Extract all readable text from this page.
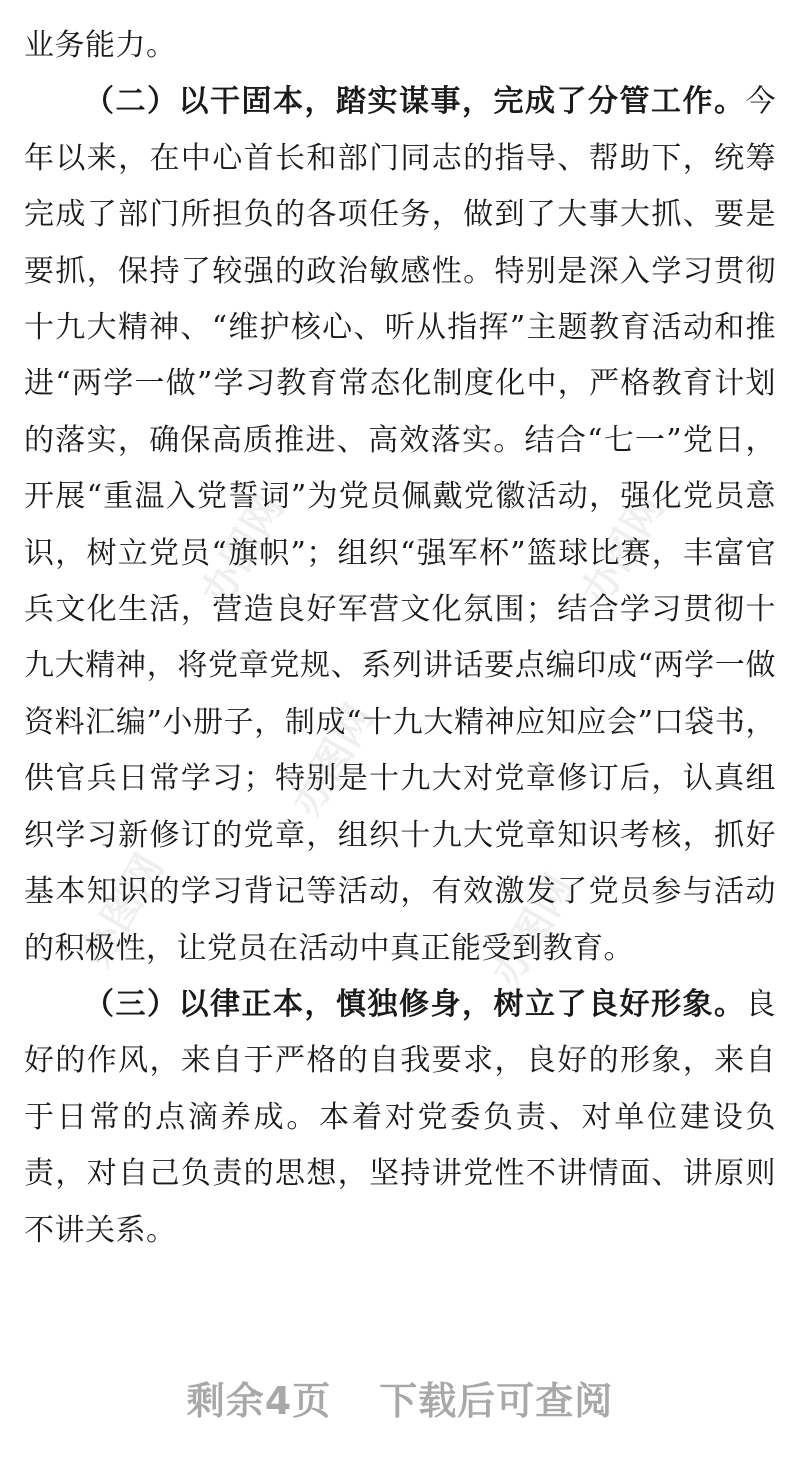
办图网	办图网
办图网
办图网	办图网

业务能力。

（二）以干固本，踏实谋事，完成了分管工作。今年以来，在中心首长和部门同志的指导、帮助下，统筹完成了部门所担负的各项任务，做到了大事大抓、要是要抓，保持了较强的政治敏感性。特别是深入学习贯彻十九大精神、“维护核心、听从指挥”主题教育活动和推进“两学一做”学习教育常态化制度化中，严格教育计划的落实，确保高质推进、高效落实。结合“七一”党日，开展“重温入党誓词”为党员佩戴党徽活动，强化党员意识，树立党员“旗帜”；组织“强军杯”篮球比赛，丰富官兵文化生活，营造良好军营文化氛围；结合学习贯彻十九大精神，将党章党规、系列讲话要点编印成“两学一做资料汇编”小册子，制成“十九大精神应知应会”口袋书，供官兵日常学习；特别是十九大对党章修订后，认真组织学习新修订的党章，组织十九大党章知识考核，抓好基本知识的学习背记等活动，有效激发了党员参与活动的积极性，让党员在活动中真正能受到教育。

（三）以律正本，慎独修身，树立了良好形象。良好的作风，来自于严格的自我要求，良好的形象，来自于日常的点滴养成。本着对党委负责、对单位建设负责，对自己负责的思想，坚持讲党性不讲情面、讲原则不讲关系。

剩余4页 下载后可查阅
